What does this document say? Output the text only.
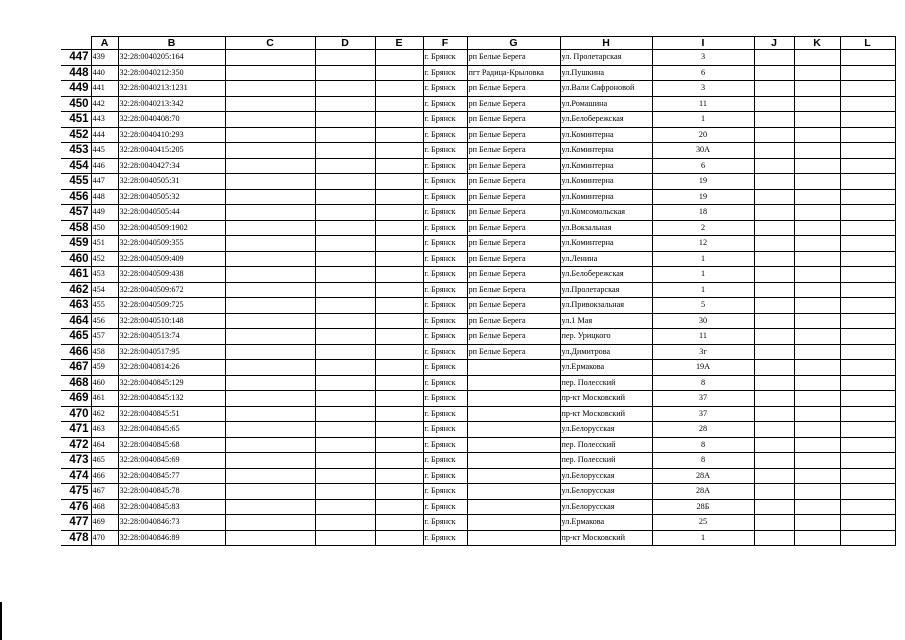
	A	B	C	D	E	F	G	H	I	J	K	L
447	439	32:28:0040205:164				г. Брянск	рп Белые Берега	ул. Пролетарская	3			
448	440	32:28:0040212:350				г. Брянск	пгт Радица-Крыловка	ул.Пушкина	6			
449	441	32:28:0040213:1231				г. Брянск	рп Белые Берега	ул.Вали Сафроновой	3			
450	442	32:28:0040213:342				г. Брянск	рп Белые Берега	ул.Ромашина	11			
451	443	32:28:0040408:70				г. Брянск	рп Белые Берега	ул.Белобережская	1			
452	444	32:28:0040410:293				г. Брянск	рп Белые Берега	ул.Коминтерна	20			
453	445	32:28:0040415:205				г. Брянск	рп Белые Берега	ул.Коминтерна	30А			
454	446	32:28:0040427:34				г. Брянск	рп Белые Берега	ул.Коминтерна	6			
455	447	32:28:0040505:31				г. Брянск	рп Белые Берега	ул.Коминтерна	19			
456	448	32:28:0040505:32				г. Брянск	рп Белые Берега	ул.Коминтерна	19			
457	449	32:28:0040505:44				г. Брянск	рп Белые Берега	ул.Комсомольская	18			
458	450	32:28:0040509:1902				г. Брянск	рп Белые Берега	ул.Вокзальная	2			
459	451	32:28:0040509:355				г. Брянск	рп Белые Берега	ул.Коминтерна	12			
460	452	32:28:0040509:409				г. Брянск	рп Белые Берега	ул.Ленина	1			
461	453	32:28:0040509:438				г. Брянск	рп Белые Берега	ул.Белобережская	1			
462	454	32:28:0040509:672				г. Брянск	рп Белые Берега	ул.Пролетарская	1			
463	455	32:28:0040509:725				г. Брянск	рп Белые Берега	ул.Привокзальная	5			
464	456	32:28:0040510:148				г. Брянск	рп Белые Берега	ул.1 Мая	30			
465	457	32:28:0040513:74				г. Брянск	рп Белые Берега	пер. Урицкого	11			
466	458	32:28:0040517:95				г. Брянск	рп Белые Берега	ул.Димитрова	3г			
467	459	32:28:0040814:26				г. Брянск		ул.Ермакова	19А			
468	460	32:28:0040845:129				г. Брянск		пер. Полесский	8			
469	461	32:28:0040845:132				г. Брянск		пр-кт Московский	37			
470	462	32:28:0040845:51				г. Брянск		пр-кт Московский	37			
471	463	32:28:0040845:65				г. Брянск		ул.Белорусская	28			
472	464	32:28:0040845:68				г. Брянск		пер. Полесский	8			
473	465	32:28:0040845:69				г. Брянск		пер. Полесский	8			
474	466	32:28:0040845:77				г. Брянск		ул.Белорусская	28А			
475	467	32:28:0040845:78				г. Брянск		ул.Белорусская	28А			
476	468	32:28:0040845:83				г. Брянск		ул.Белорусская	28Б			
477	469	32:28:0040846:73				г. Брянск		ул.Ермакова	25			
478	470	32:28:0040846:89				г. Брянск		пр-кт Московский	1			
